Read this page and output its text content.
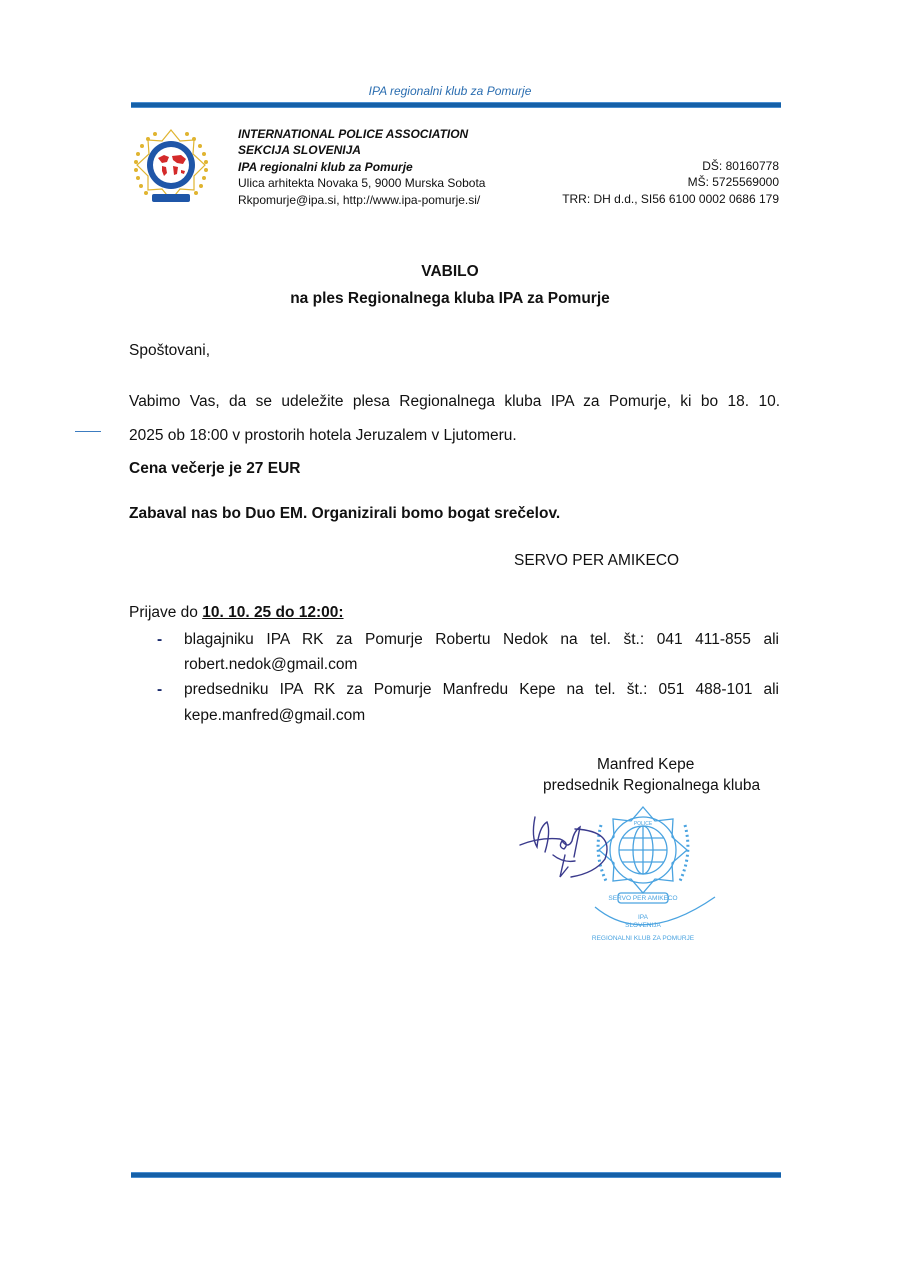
IPA regionalni klub za Pomurje
INTERNATIONAL POLICE ASSOCIATION
SEKCIJA SLOVENIJA
IPA regionalni klub za Pomurje
Ulica arhitekta Novaka 5, 9000 Murska Sobota
Rkpomurje@ipa.si, http://www.ipa-pomurje.si/
DŠ: 80160778
MŠ: 5725569000
TRR: DH d.d., SI56 6100 0002 0686 179
VABILO
na ples Regionalnega kluba IPA za Pomurje
Spoštovani,
Vabimo Vas, da se udeležite plesa Regionalnega kluba IPA za Pomurje, ki bo 18. 10.
2025 ob 18:00 v prostorih hotela Jeruzalem v Ljutomeru.
Cena večerje je 27 EUR
Zabaval nas bo Duo EM. Organizirali bomo bogat srečelov.
SERVO PER AMIKECO
Prijave do 10. 10. 25 do 12:00:
- blagajniku IPA RK za Pomurje Robertu Nedok na tel. št.: 041 411-855 ali
robert.nedok@gmail.com
- predsedniku IPA RK za Pomurje Manfredu Kepe na tel. št.: 051 488-101 ali
kepe.manfred@gmail.com
Manfred Kepe
predsednik Regionalnega kluba
SERVO PER AMIKECO
POLICE
IPA
SLOVENIJA
REGIONALNI KLUB ZA POMURJE
